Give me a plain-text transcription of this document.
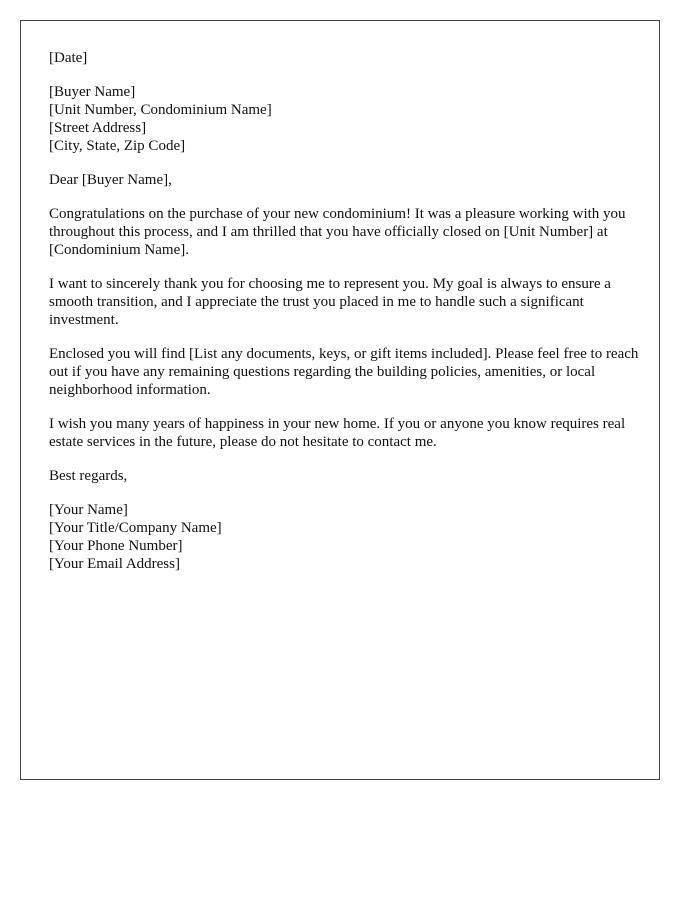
[Date]
[Buyer Name]
[Unit Number, Condominium Name]
[Street Address]
[City, State, Zip Code]

Dear [Buyer Name],

Congratulations on the purchase of your new condominium! It was a pleasure working with you throughout this process, and I am thrilled that you have officially closed on [Unit Number] at [Condominium Name].

I want to sincerely thank you for choosing me to represent you. My goal is always to ensure a smooth transition, and I appreciate the trust you placed in me to handle such a significant investment.

Enclosed you will find [List any documents, keys, or gift items included]. Please feel free to reach out if you have any remaining questions regarding the building policies, amenities, or local neighborhood information.

I wish you many years of happiness in your new home. If you or anyone you know requires real estate services in the future, please do not hesitate to contact me.

Best regards,

[Your Name]
[Your Title/Company Name]
[Your Phone Number]
[Your Email Address]
